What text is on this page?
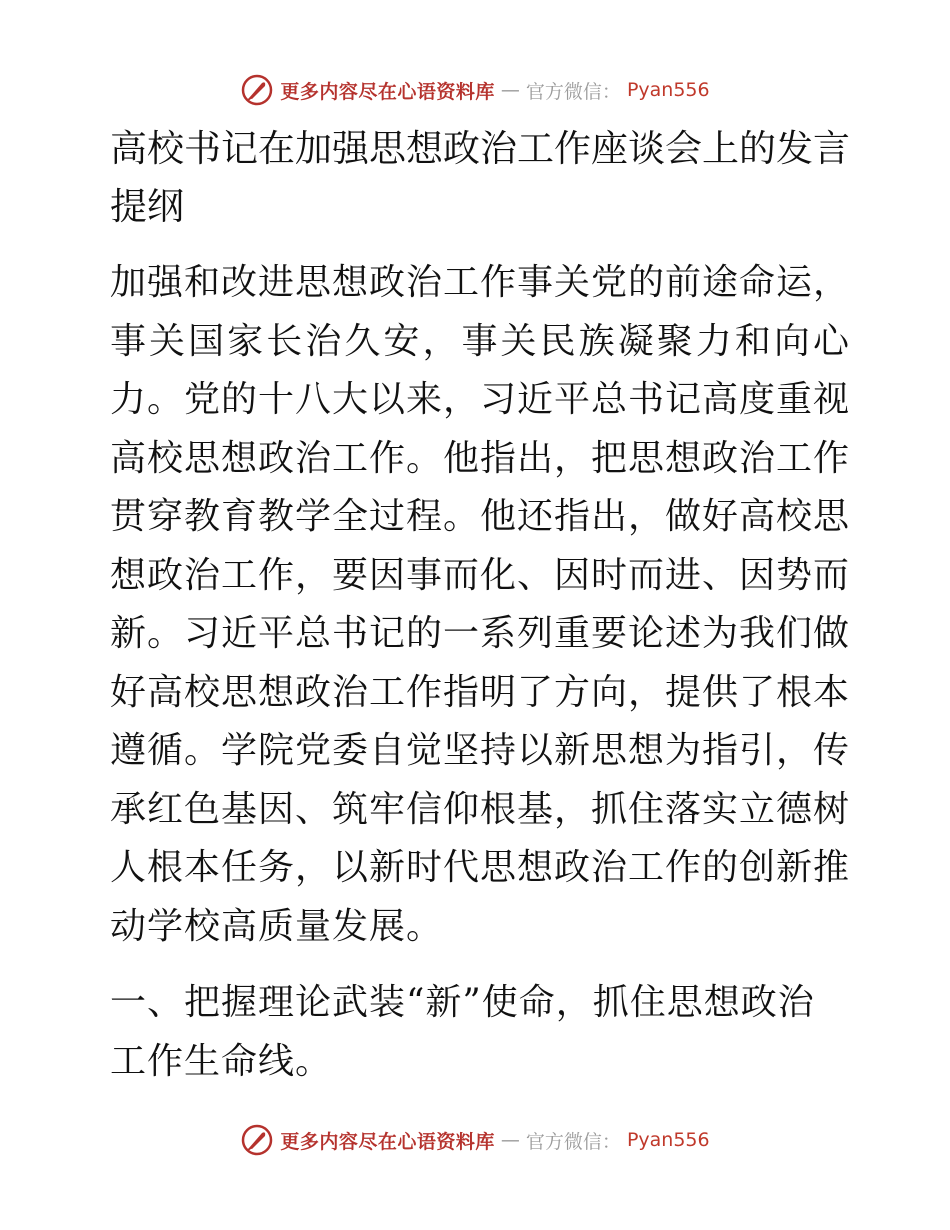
更多内容尽在心语资料库 — 官方微信： Pyan556
高校书记在加强思想政治工作座谈会上的发言提纲
加强和改进思想政治工作事关党的前途命运，事关国家长治久安，事关民族凝聚力和向心力。党的十八大以来，习近平总书记高度重视高校思想政治工作。他指出，把思想政治工作贯穿教育教学全过程。他还指出，做好高校思想政治工作，要因事而化、因时而进、因势而新。习近平总书记的一系列重要论述为我们做好高校思想政治工作指明了方向，提供了根本遵循。学院党委自觉坚持以新思想为指引，传承红色基因、筑牢信仰根基，抓住落实立德树人根本任务，以新时代思想政治工作的创新推动学校高质量发展。
一、把握理论武装“新”使命，抓住思想政治工作生命线。
更多内容尽在心语资料库 — 官方微信： Pyan556
